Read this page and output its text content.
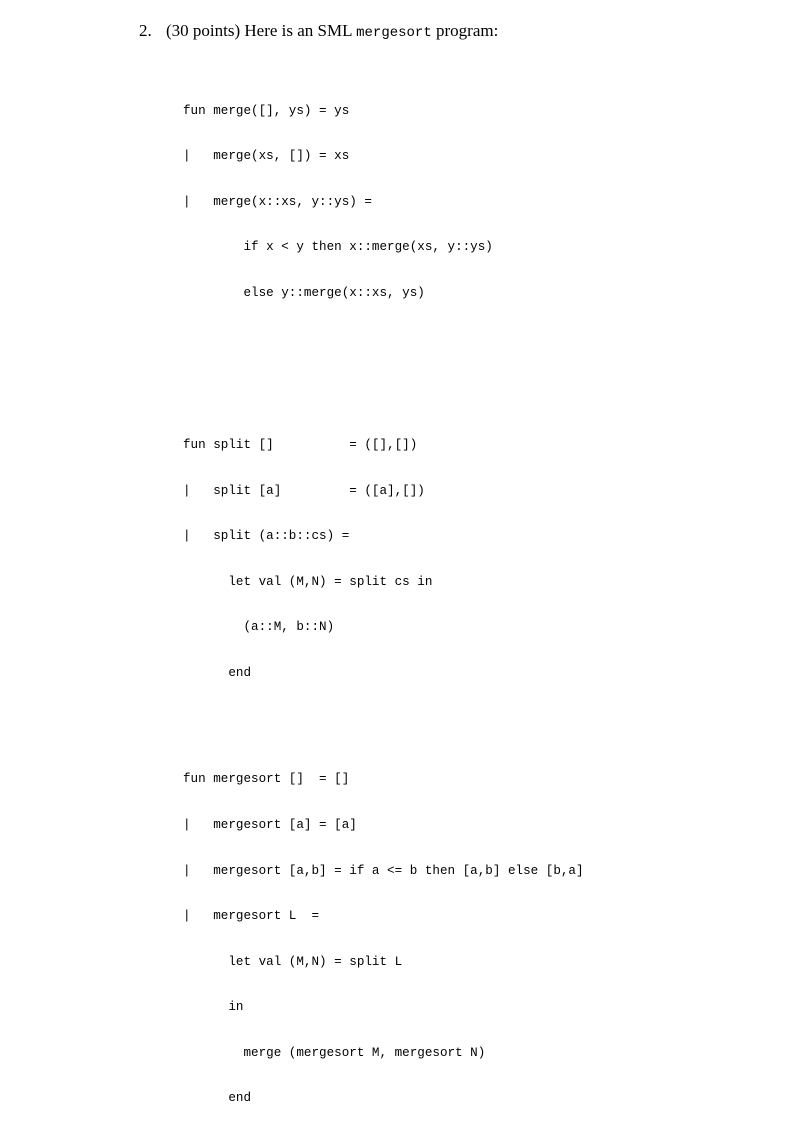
2. (30 points) Here is an SML mergesort program:

fun merge([], ys) = ys

|   merge(xs, []) = xs

|   merge(x::xs, y::ys) =

if x < y then x::merge(xs, y::ys)

else y::merge(x::xs, ys)

fun split []          = ([],[])

|   split [a]         = ([a],[])

|   split (a::b::cs) =

let val (M,N) = split cs in

(a::M, b::N)

end

fun mergesort []  = []

|   mergesort [a] = [a]

|   mergesort [a,b] = if a <= b then [a,b] else [b,a]

|   mergesort L  =

let val (M,N) = split L

in

merge (mergesort M, mergesort N)

end
